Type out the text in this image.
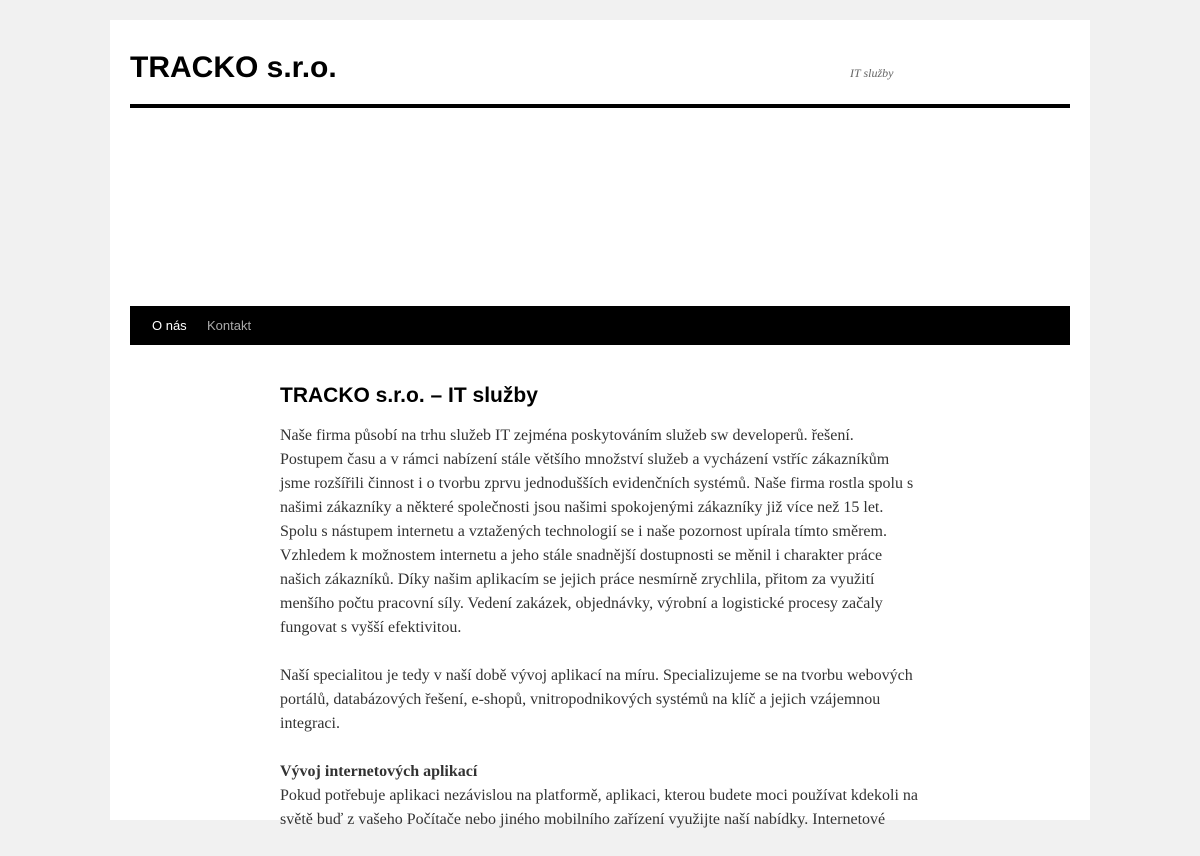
TRACKO s.r.o.	IT služby
O nás Kontakt
TRACKO s.r.o. – IT služby

Naše firma působí na trhu služeb IT zejména poskytováním služeb sw developerů. řešení. Postupem času a v rámci nabízení stále většího množství služeb a vycházení vstříc zákazníkům jsme rozšířili činnost i o tvorbu zprvu jednodušších evidenčních systémů. Naše firma rostla spolu s našimi zákazníky a některé společnosti jsou našimi spokojenými zákazníky již více než 15 let. Spolu s nástupem internetu a vztažených technologií se i naše pozornost upírala tímto směrem. Vzhledem k možnostem internetu a jeho stále snadnější dostupnosti se měnil i charakter práce našich zákazníků. Díky našim aplikacím se jejich práce nesmírně zrychlila, přitom za využití menšího počtu pracovní síly. Vedení zakázek, objednávky, výrobní a logistické procesy začaly fungovat s vyšší efektivitou.

Naší specialitou je tedy v naší době vývoj aplikací na míru. Specializujeme se na tvorbu webových portálů, databázových řešení, e-shopů, vnitropodnikových systémů na klíč a jejich vzájemnou integraci.

Vývoj internetových aplikací
Pokud potřebuje aplikaci nezávislou na platformě, aplikaci, kterou budete moci používat kdekoli na světě buď z vašeho Počítače nebo jiného mobilního zařízení využijte naší nabídky. Internetové
